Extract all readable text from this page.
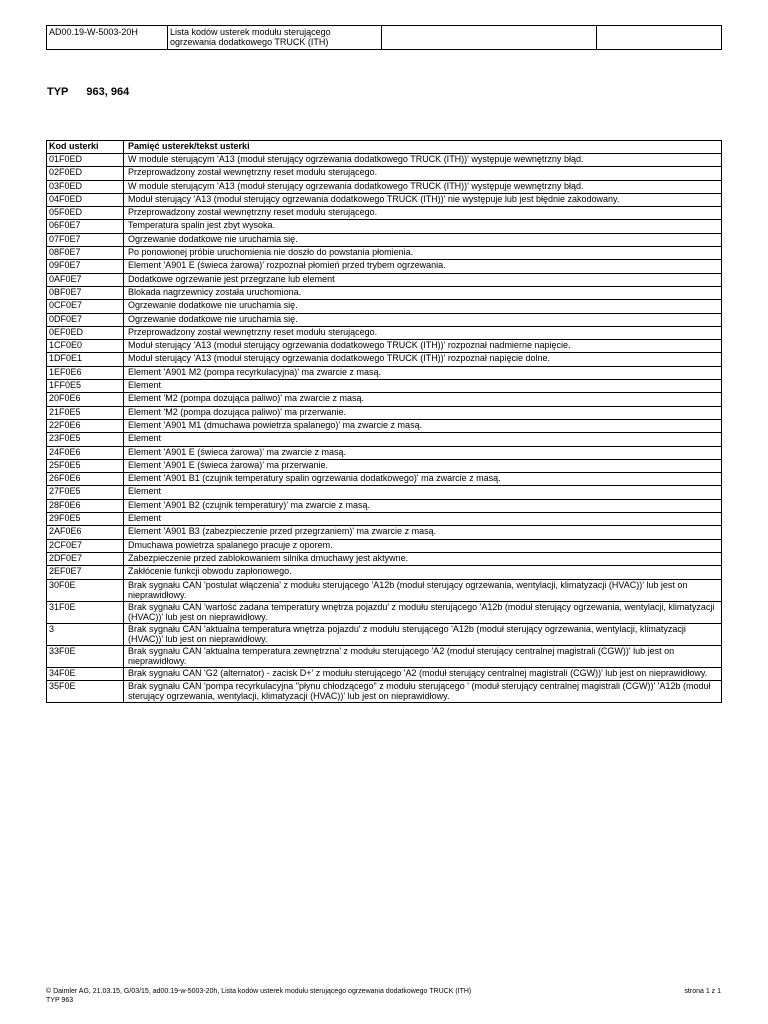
AD00.19-W-5003-20H	Lista kodów usterek modułu sterującego ogrzewania dodatkowego TRUCK (ITH)		
TYP 963, 964
Kod usterki	Pamięć usterek/tekst usterki
01F0ED	W module sterującym 'A13 (moduł sterujący ogrzewania dodatkowego TRUCK (ITH))' występuje wewnętrzny błąd.
02F0ED	Przeprowadzony został wewnętrzny reset modułu sterującego.
03F0ED	W module sterującym 'A13 (moduł sterujący ogrzewania dodatkowego TRUCK (ITH))' występuje wewnętrzny błąd.
04F0ED	Moduł sterujący 'A13 (moduł sterujący ogrzewania dodatkowego TRUCK (ITH))' nie występuje lub jest błędnie zakodowany.
05F0ED	Przeprowadzony został wewnętrzny reset modułu sterującego.
06F0E7	Temperatura spalin jest zbyt wysoka.
07F0E7	Ogrzewanie dodatkowe nie uruchamia się.
08F0E7	Po ponowionej próbie uruchomienia nie doszło do powstania płomienia.
09F0E7	Element 'A901 E (świeca żarowa)' rozpoznał płomień przed trybem ogrzewania.
0AF0E7	Dodatkowe ogrzewanie jest przegrzane lub element
0BF0E7	Blokada nagrzewnicy została uruchomiona.
0CF0E7	Ogrzewanie dodatkowe nie uruchamia się.
0DF0E7	Ogrzewanie dodatkowe nie uruchamia się.
0EF0ED	Przeprowadzony został wewnętrzny reset modułu sterującego.
1CF0E0	Moduł sterujący 'A13 (moduł sterujący ogrzewania dodatkowego TRUCK (ITH))' rozpoznał nadmierne napięcie.
1DF0E1	Moduł sterujący 'A13 (moduł sterujący ogrzewania dodatkowego TRUCK (ITH))' rozpoznał napięcie dolne.
1EF0E6	Element 'A901 M2 (pompa recyrkulacyjna)' ma zwarcie z masą.
1FF0E5	Element
20F0E6	Element 'M2 (pompa dozująca paliwo)' ma zwarcie z masą.
21F0E5	Element 'M2 (pompa dozująca paliwo)' ma przerwanie.
22F0E6	Element 'A901 M1 (dmuchawa powietrza spalanego)' ma zwarcie z masą.
23F0E5	Element
24F0E6	Element 'A901 E (świeca żarowa)' ma zwarcie z masą.
25F0E5	Element 'A901 E (świeca żarowa)' ma przerwanie.
26F0E6	Element 'A901 B1 (czujnik temperatury spalin ogrzewania dodatkowego)' ma zwarcie z masą.
27F0E5	Element
28F0E6	Element 'A901 B2 (czujnik temperatury)' ma zwarcie z masą.
29F0E5	Element
2AF0E6	Element 'A901 B3 (zabezpieczenie przed przegrzaniem)' ma zwarcie z masą.
2CF0E7	Dmuchawa powietrza spalanego pracuje z oporem.
2DF0E7	Zabezpieczenie przed zablokowaniem silnika dmuchawy jest aktywne.
2EF0E7	Zakłócenie funkcji obwodu zapłonowego.
30F0E	Brak sygnału CAN 'postulat włączenia' z modułu sterującego 'A12b (moduł sterujący ogrzewania, wentylacji, klimatyzacji (HVAC))' lub jest on nieprawidłowy.
31F0E	Brak sygnału CAN 'wartość zadana temperatury wnętrza pojazdu' z modułu sterującego 'A12b (moduł sterujący ogrzewania, wentylacji, klimatyzacji (HVAC))' lub jest on nieprawidłowy.
3	Brak sygnału CAN 'aktualna temperatura wnętrza pojazdu' z modułu sterującego 'A12b (moduł sterujący ogrzewania, wentylacji, klimatyzacji (HVAC))' lub jest on nieprawidłowy.
33F0E	Brak sygnału CAN 'aktualna temperatura zewnętrzna' z modułu sterującego 'A2 (moduł sterujący centralnej magistrali (CGW))' lub jest on nieprawidłowy.
34F0E	Brak sygnału CAN 'G2 (alternator) - zacisk D+' z modułu sterującego 'A2 (moduł sterujący centralnej magistrali (CGW))' lub jest on nieprawidłowy.
35F0E	Brak sygnału CAN 'pompa recyrkulacyjna "płynu chłodzącego" z modułu sterującego ' (moduł sterujący centralnej magistrali (CGW))' 'A12b (moduł sterujący ogrzewania, wentylacji, klimatyzacji (HVAC))' lub jest on nieprawidłowy.
© Daimler AG, 21.03.15, G/03/15, ad00.19-w-5003-20h, Lista kodów usterek modułu sterującego ogrzewania dodatkowego TRUCK (ITH)
TYP 963
strona 1 z 1
